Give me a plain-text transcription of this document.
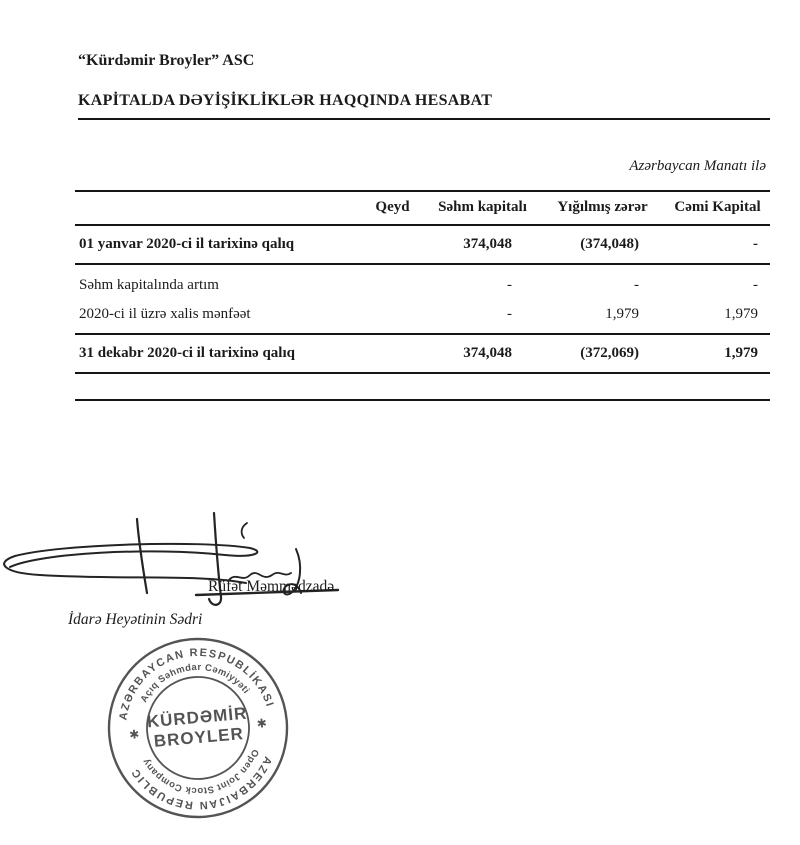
“Kürdəmir Broyler” ASC
KAPİTALDA DƏYİŞİKLİKLƏR HAQQINDA HESABAT
Azərbaycan Manatı ilə
	Qeyd	Səhm kapitalı	Yığılmış zərər	Cəmi Kapital
01 yanvar 2020-ci il tarixinə qalıq		374,048	(374,048)	-
Səhm kapitalında artım		-	-	-
2020-ci il üzrə xalis mənfəət		-	1,979	1,979
31 dekabr 2020-ci il tarixinə qalıq		374,048	(372,069)	1,979
Rüfət Məmmədzadə
İdarə Heyətinin Sədri
AZƏRBAYCAN RESPUBLİKASI
Açıq Səhmdar Cəmiyyəti
Open Joint Stock Company	AZERBAIJAN REPUBLIC
KÜRDƏMİR
BROYLER
✱
✱
